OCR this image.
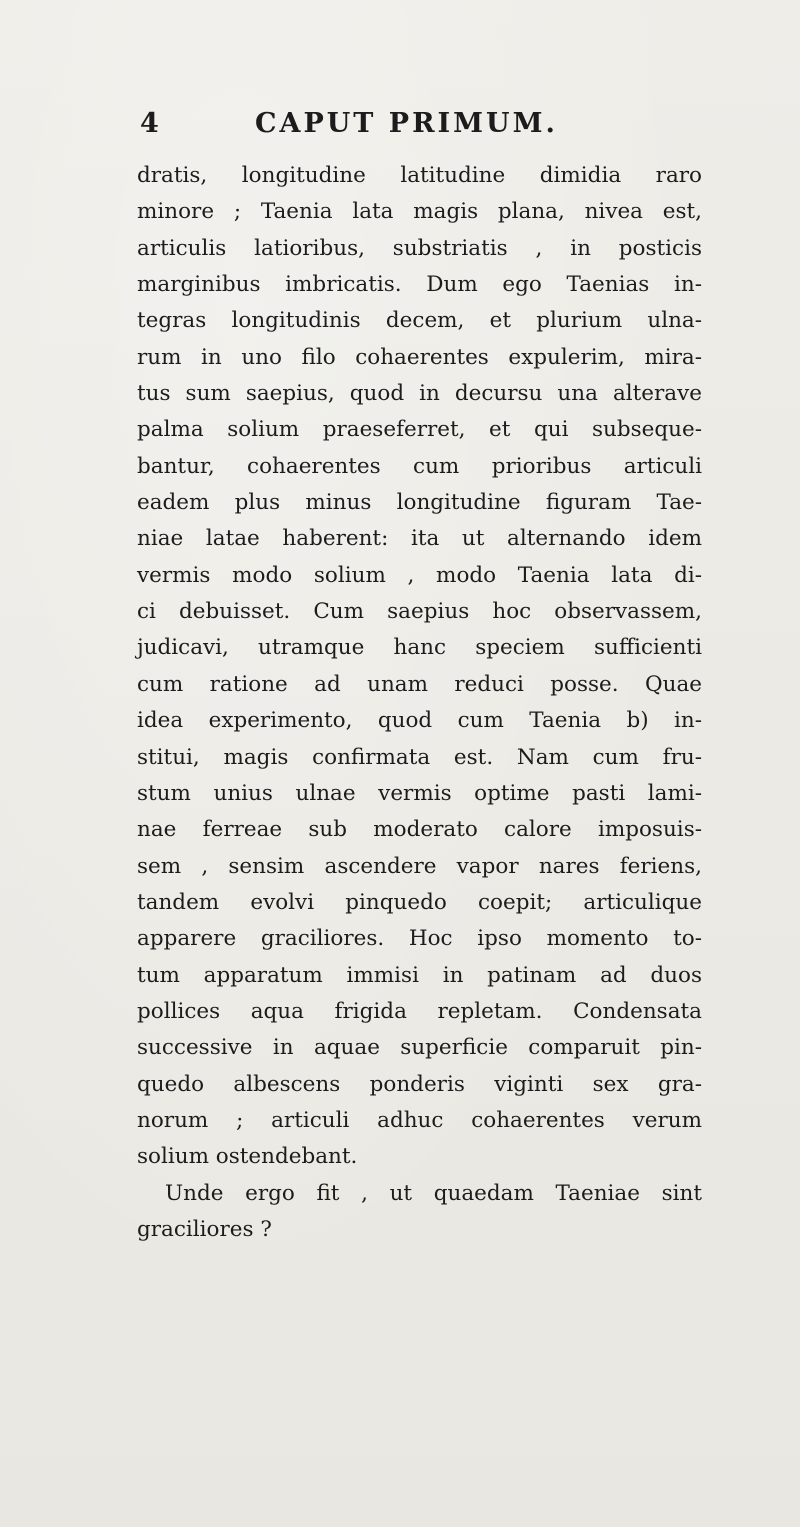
4	CAPUT PRIMUM.
dratis, longitudine latitudine dimidia raro
minore ; Taenia lata magis plana, nivea est,
articulis latioribus, substriatis , in posticis
marginibus imbricatis. Dum ego Taenias in-
tegras longitudinis decem, et plurium ulna-
rum in uno filo cohaerentes expulerim, mira-
tus sum saepius, quod in decursu una alterave
palma solium praeseferret, et qui subseque-
bantur, cohaerentes cum prioribus articuli
eadem plus minus longitudine figuram Tae-
niae latae haberent: ita ut alternando idem
vermis modo solium , modo Taenia lata di-
ci debuisset. Cum saepius hoc observassem,
judicavi, utramque hanc speciem sufficienti
cum ratione ad unam reduci posse. Quae
idea experimento, quod cum Taenia b) in-
stitui, magis confirmata est. Nam cum fru-
stum unius ulnae vermis optime pasti lami-
nae ferreae sub moderato calore imposuis-
sem , sensim ascendere vapor nares feriens,
tandem evolvi pinquedo coepit; articulique
apparere graciliores. Hoc ipso momento to-
tum apparatum immisi in patinam ad duos
pollices aqua frigida repletam. Condensata
successive in aquae superficie comparuit pin-
quedo albescens ponderis viginti sex gra-
norum ; articuli adhuc cohaerentes verum
solium ostendebant.
Unde ergo fit , ut quaedam Taeniae sint
graciliores ?
